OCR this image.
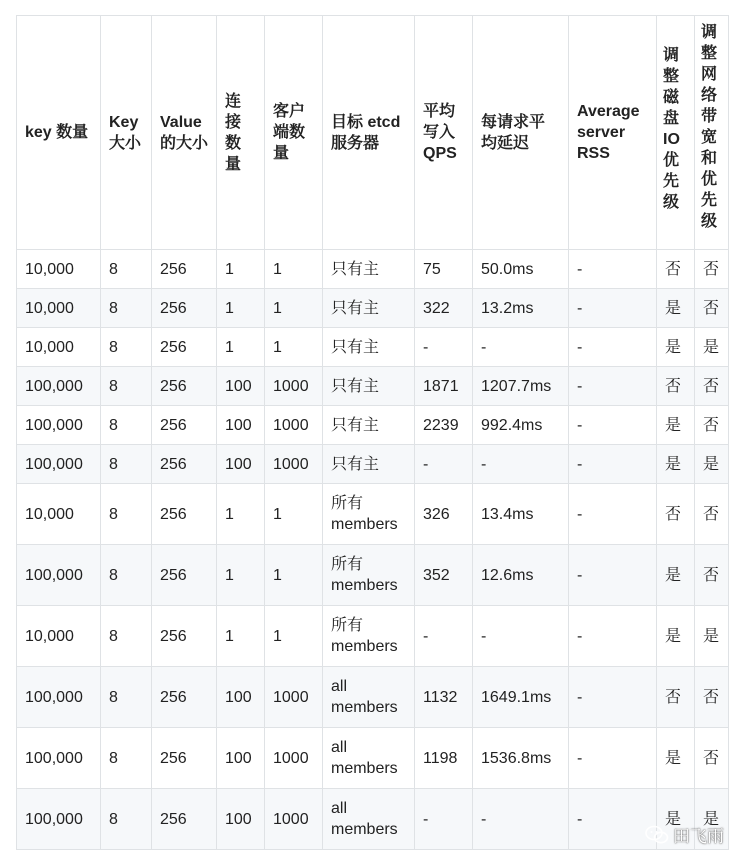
key 数量	Key 大小	Value 的大小	连接数量	客户端数量	目标 etcd 服务器	平均写入 QPS	每请求平均延迟	Average server RSS	调整磁盘IO优先级	调整网络带宽和优先级

10,000	8	256	1	1	只有主	75	50.0ms	-	否	否
10,000	8	256	1	1	只有主	322	13.2ms	-	是	否
10,000	8	256	1	1	只有主	-	-	-	是	是
100,000	8	256	100	1000	只有主	1871	1207.7ms	-	否	否
100,000	8	256	100	1000	只有主	2239	992.4ms	-	是	否
100,000	8	256	100	1000	只有主	-	-	-	是	是
10,000	8	256	1	1	所有 members	326	13.4ms	-	否	否
100,000	8	256	1	1	所有 members	352	12.6ms	-	是	否
10,000	8	256	1	1	所有 members	-	-	-	是	是
100,000	8	256	100	1000	all members	1132	1649.1ms	-	否	否
100,000	8	256	100	1000	all members	1198	1536.8ms	-	是	否
100,000	8	256	100	1000	all members	-	-	-	是	是
田飞雨
